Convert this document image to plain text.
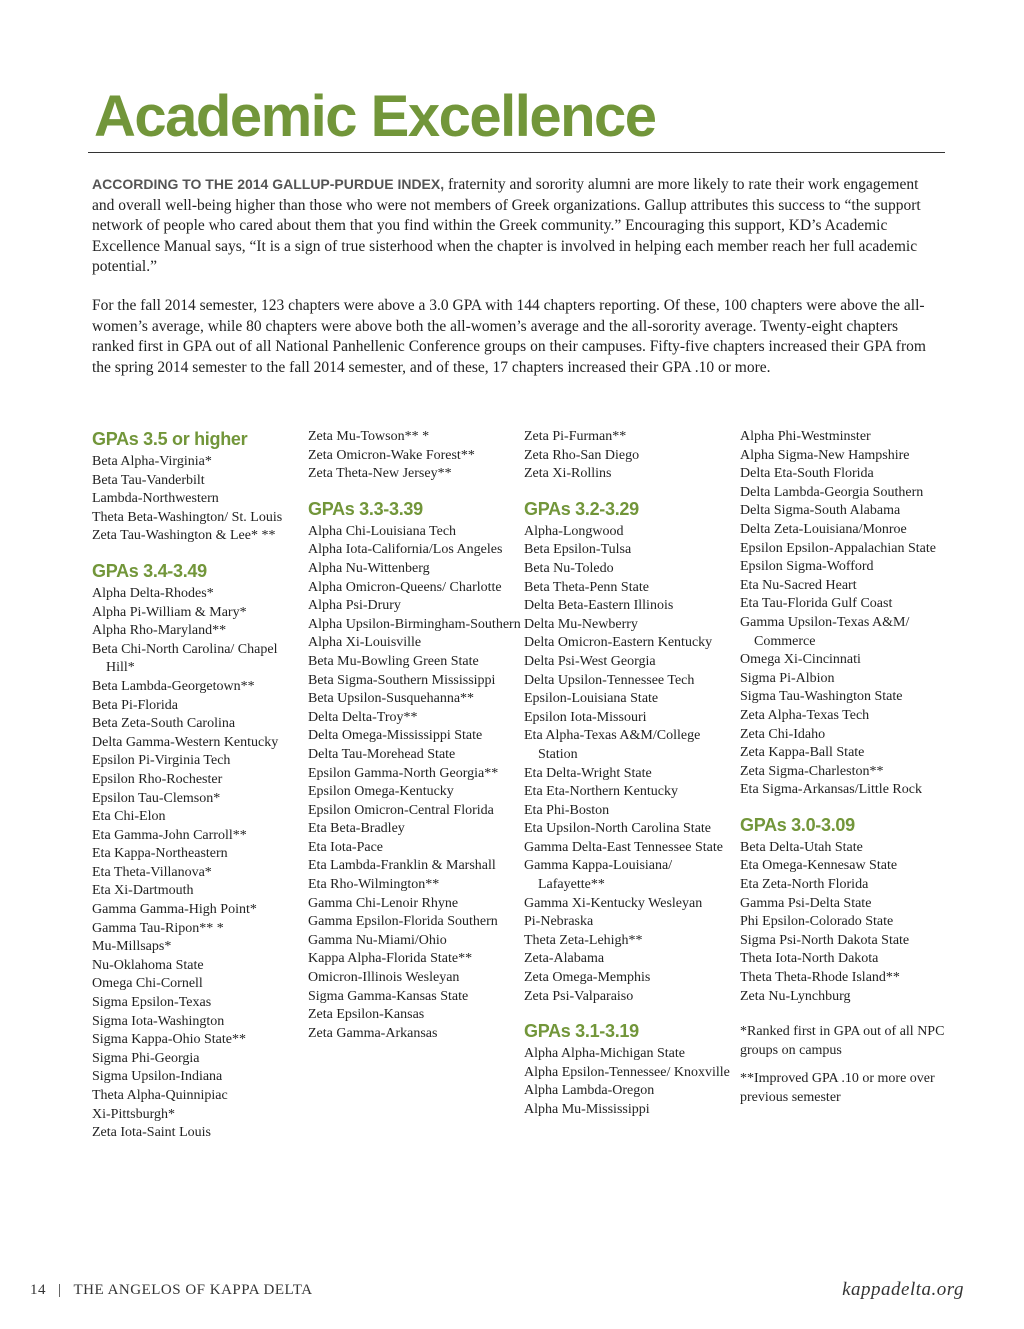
Academic Excellence

ACCORDING TO THE 2014 GALLUP-PURDUE INDEX, fraternity and sorority alumni are more likely to rate their work engagement and overall well-being higher than those who were not members of Greek organizations. Gallup attributes this success to “the support network of people who cared about them that you find within the Greek community.” Encouraging this support, KD’s Academic Excellence Manual says, “It is a sign of true sisterhood when the chapter is involved in helping each member reach her full academic potential.”

For the fall 2014 semester, 123 chapters were above a 3.0 GPA with 144 chapters reporting. Of these, 100 chapters were above the all-women’s average, while 80 chapters were above both the all-women’s average and the all-sorority average. Twenty-eight chapters ranked first in GPA out of all National Panhellenic Conference groups on their campuses. Fifty-five chapters increased their GPA from the spring 2014 semester to the fall 2014 semester, and of these, 17 chapters increased their GPA .10 or more.

GPAs 3.5 or higher
Beta Alpha-Virginia*
Beta Tau-Vanderbilt
Lambda-Northwestern
Theta Beta-Washington/ St. Louis
Zeta Tau-Washington & Lee* **
GPAs 3.4-3.49
Alpha Delta-Rhodes*
Alpha Pi-William & Mary*
Alpha Rho-Maryland**
Beta Chi-North Carolina/ Chapel Hill*
Beta Lambda-Georgetown**
Beta Pi-Florida
Beta Zeta-South Carolina
Delta Gamma-Western Kentucky
Epsilon Pi-Virginia Tech
Epsilon Rho-Rochester
Epsilon Tau-Clemson*
Eta Chi-Elon
Eta Gamma-John Carroll**
Eta Kappa-Northeastern
Eta Theta-Villanova*
Eta Xi-Dartmouth
Gamma Gamma-High Point*
Gamma Tau-Ripon** *
Mu-Millsaps*
Nu-Oklahoma State
Omega Chi-Cornell
Sigma Epsilon-Texas
Sigma Iota-Washington
Sigma Kappa-Ohio State**
Sigma Phi-Georgia
Sigma Upsilon-Indiana
Theta Alpha-Quinnipiac
Xi-Pittsburgh*
Zeta Iota-Saint Louis
Zeta Mu-Towson** *
Zeta Omicron-Wake Forest**
Zeta Theta-New Jersey**
GPAs 3.3-3.39
Alpha Chi-Louisiana Tech
Alpha Iota-California/Los Angeles
Alpha Nu-Wittenberg
Alpha Omicron-Queens/ Charlotte
Alpha Psi-Drury
Alpha Upsilon-Birmingham-Southern
Alpha Xi-Louisville
Beta Mu-Bowling Green State
Beta Sigma-Southern Mississippi
Beta Upsilon-Susquehanna**
Delta Delta-Troy**
Delta Omega-Mississippi State
Delta Tau-Morehead State
Epsilon Gamma-North Georgia**
Epsilon Omega-Kentucky
Epsilon Omicron-Central Florida
Eta Beta-Bradley
Eta Iota-Pace
Eta Lambda-Franklin & Marshall
Eta Rho-Wilmington**
Gamma Chi-Lenoir Rhyne
Gamma Epsilon-Florida Southern
Gamma Nu-Miami/Ohio
Kappa Alpha-Florida State**
Omicron-Illinois Wesleyan
Sigma Gamma-Kansas State
Zeta Epsilon-Kansas
Zeta Gamma-Arkansas
Zeta Pi-Furman**
Zeta Rho-San Diego
Zeta Xi-Rollins
GPAs 3.2-3.29
Alpha-Longwood
Beta Epsilon-Tulsa
Beta Nu-Toledo
Beta Theta-Penn State
Delta Beta-Eastern Illinois
Delta Mu-Newberry
Delta Omicron-Eastern Kentucky
Delta Psi-West Georgia
Delta Upsilon-Tennessee Tech
Epsilon-Louisiana State
Epsilon Iota-Missouri
Eta Alpha-Texas A&M/College Station
Eta Delta-Wright State
Eta Eta-Northern Kentucky
Eta Phi-Boston
Eta Upsilon-North Carolina State
Gamma Delta-East Tennessee State
Gamma Kappa-Louisiana/ Lafayette**
Gamma Xi-Kentucky Wesleyan
Pi-Nebraska
Theta Zeta-Lehigh**
Zeta-Alabama
Zeta Omega-Memphis
Zeta Psi-Valparaiso
GPAs 3.1-3.19
Alpha Alpha-Michigan State
Alpha Epsilon-Tennessee/ Knoxville
Alpha Lambda-Oregon
Alpha Mu-Mississippi
Alpha Phi-Westminster
Alpha Sigma-New Hampshire
Delta Eta-South Florida
Delta Lambda-Georgia Southern
Delta Sigma-South Alabama
Delta Zeta-Louisiana/Monroe
Epsilon Epsilon-Appalachian State
Epsilon Sigma-Wofford
Eta Nu-Sacred Heart
Eta Tau-Florida Gulf Coast
Gamma Upsilon-Texas A&M/ Commerce
Omega Xi-Cincinnati
Sigma Pi-Albion
Sigma Tau-Washington State
Zeta Alpha-Texas Tech
Zeta Chi-Idaho
Zeta Kappa-Ball State
Zeta Sigma-Charleston**
Eta Sigma-Arkansas/Little Rock
GPAs 3.0-3.09
Beta Delta-Utah State
Eta Omega-Kennesaw State
Eta Zeta-North Florida
Gamma Psi-Delta State
Phi Epsilon-Colorado State
Sigma Psi-North Dakota State
Theta Iota-North Dakota
Theta Theta-Rhode Island**
Zeta Nu-Lynchburg

*Ranked first in GPA out of all NPC groups on campus

**Improved GPA .10 or more over previous semester

14 | THE ANGELOS OF KAPPA DELTA	kappadelta.org
